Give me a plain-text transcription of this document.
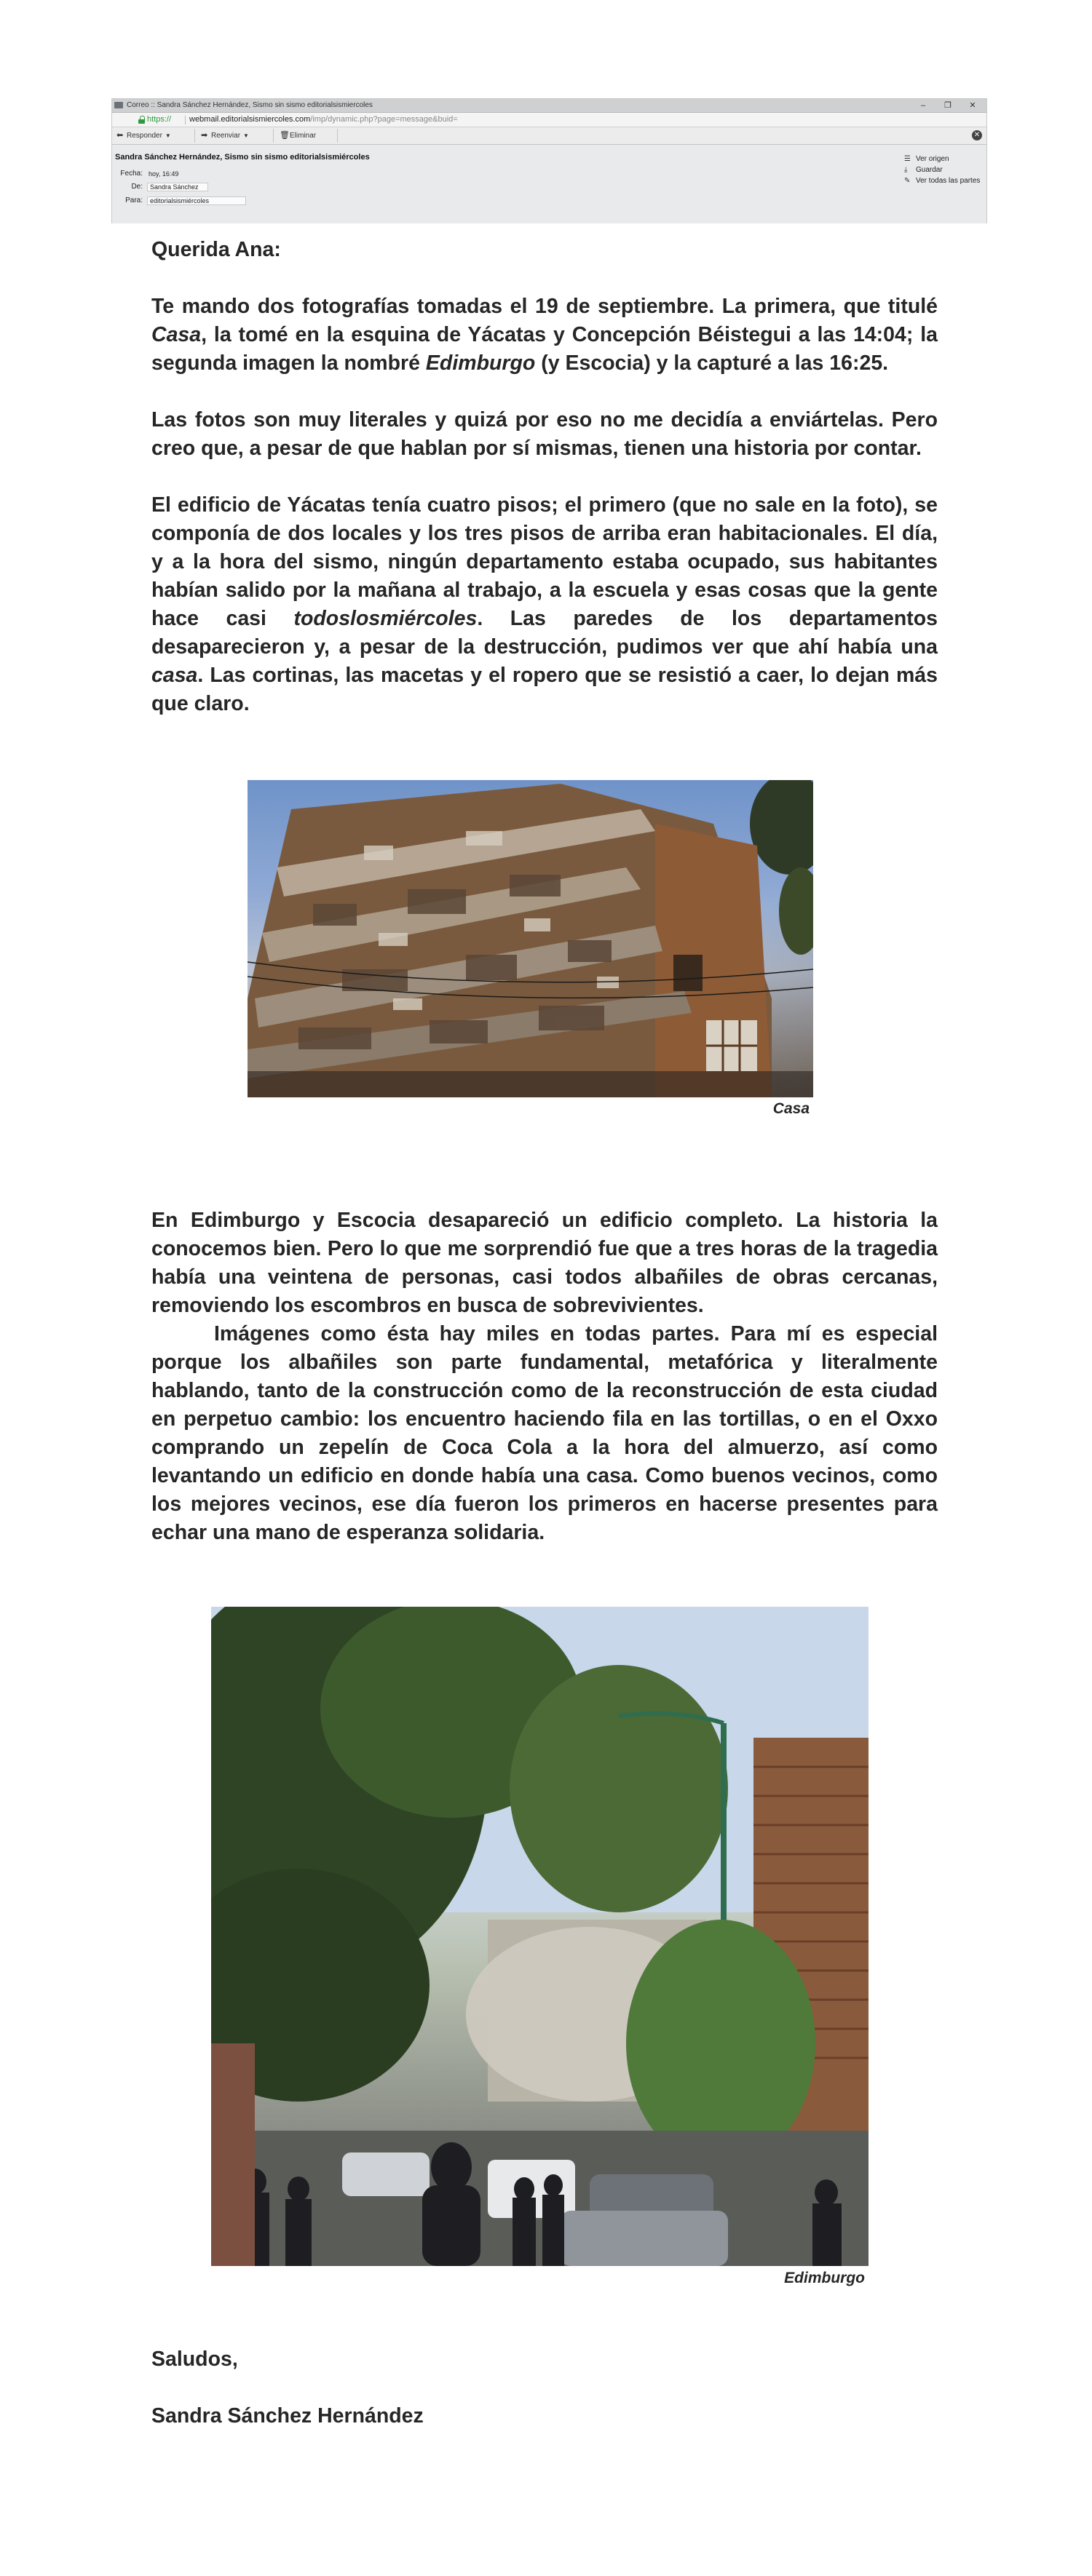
Correo :: Sandra Sánchez Hernández, Sismo sin sismo editorialsismiercoles	–	❐	✕
https:// webmail.editorialsismiercoles.com/imp/dynamic.php?page=message&buid=
⬅ Responder ▼	➡ Reenviar ▼	🗑Eliminar	✕
Sandra Sánchez Hernández, Sismo sin sismo editorialsismiércoles
Fecha: hoy, 16:49
De:	Sandra Sánchez
Para:	editorialsismiércoles
☰ Ver origen
⤓ Guardar
✎ Ver todas las partes
Querida Ana:

Te mando dos fotografías tomadas el 19 de septiembre. La primera, que titulé Casa, la tomé en la esquina de Yácatas y Concepción Béistegui a las 14:04; la segunda imagen la nombré Edimburgo (y Escocia) y la capturé a las 16:25.

Las fotos son muy literales y quizá por eso no me decidía a enviártelas. Pero creo que, a pesar de que hablan por sí mismas, tienen una historia por contar.

El edificio de Yácatas tenía cuatro pisos; el primero (que no sale en la foto), se componía de dos locales y los tres pisos de arriba eran habitacionales. El día, y a la hora del sismo, ningún departamento estaba ocupado, sus habitantes habían salido por la mañana al trabajo, a la escuela y esas cosas que la gente hace casi todoslosmiércoles. Las paredes de los departamentos desaparecieron y, a pesar de la destrucción, pudimos ver que ahí había una casa. Las cortinas, las macetas y el ropero que se resistió a caer, lo dejan más que claro.

Casa

En Edimburgo y Escocia desapareció un edificio completo. La historia la conocemos bien. Pero lo que me sorprendió fue que a tres horas de la tragedia había una veintena de personas, casi todos albañiles de obras cercanas, removiendo los escombros en busca de sobrevivientes.

Imágenes como ésta hay miles en todas partes. Para mí es especial porque los albañiles son parte fundamental, metafórica y literalmente hablando, tanto de la construcción como de la reconstrucción de esta ciudad en perpetuo cambio: los encuentro haciendo fila en las tortillas, o en el Oxxo comprando un zepelín de Coca Cola a la hora del almuerzo, así como levantando un edificio en donde había una casa. Como buenos vecinos, como los mejores vecinos, ese día fueron los primeros en hacerse presentes para echar una mano de esperanza solidaria.

Edimburgo
Saludos,
Sandra Sánchez Hernández
